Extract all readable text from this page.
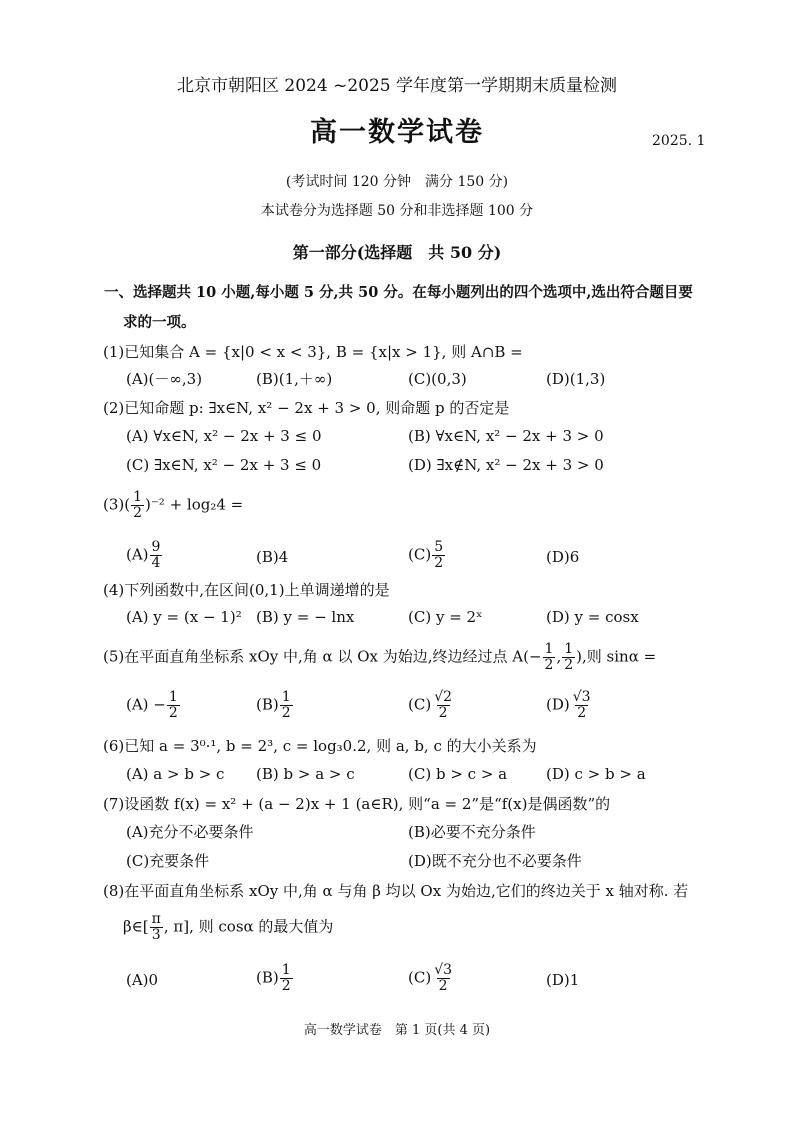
北京市朝阳区 2024 ~2025 学年度第一学期期末质量检测
高一数学试卷	2025. 1
(考试时间 120 分钟　满分 150 分)
本试卷分为选择题 50 分和非选择题 100 分
第一部分(选择题　共 50 分)
一、选择题共 10 小题,每小题 5 分,共 50 分。在每小题列出的四个选项中,选出符合题目要
求的一项。
(1)已知集合 A = {x|0 < x < 3}, B = {x|x > 1}, 则 A∩B =
(A)(－∞,3)	(B)(1,＋∞)	(C)(0,3)	(D)(1,3)
(2)已知命题 p: ∃x∈N, x² − 2x + 3 > 0, 则命题 p 的否定是
(A) ∀x∈N, x² − 2x + 3 ≤ 0	(B) ∀x∈N, x² − 2x + 3 > 0
(C) ∃x∈N, x² − 2x + 3 ≤ 0	(D) ∃x∉N, x² − 2x + 3 > 0
$(3)( \frac{1}{2} )^{-2} + \log_24$ =
$(A) \frac{9}{4}$	(B)4	$(C) \frac{5}{2}$	(D)6
(4)下列函数中,在区间(0,1)上单调递增的是
(A) y = (x − 1)² (B) y = − lnx	(C) y = 2ˣ	(D) y = cosx
(5)在平面直角坐标系 xOy 中,角 α 以 Ox 为始边,终边经过点 $A(- \frac{1}{2}$ , $\frac{1}{2}$ ),则 sinα =
$(A) - \frac{1}{2}$	$(B) \frac{1}{2}$	$(C) \frac{√2}{2}$	$(D) \frac{√3}{2}$
(6)已知 a = 3⁰·¹, b = 2³, c = log₃0.2, 则 a, b, c 的大小关系为
(A) a > b > c (B) b > a > c	(C) b > c > a	(D) c > b > a
(7)设函数 f(x) = x² + (a − 2)x + 1 (a∈R), 则“a = 2”是“f(x)是偶函数”的
(A)充分不必要条件	(B)必要不充分条件
(C)充要条件	(D)既不充分也不必要条件
(8)在平面直角坐标系 xOy 中,角 α 与角 β 均以 Ox 为始边,它们的终边关于 x 轴对称. 若
β∈[ $\frac{\pi}{3}$ , π], 则 cosα 的最大值为
(A)0	$(B) \frac{1}{2}$	$(C) \frac{√3}{2}$	(D)1
高一数学试卷　第 1 页(共 4 页)
